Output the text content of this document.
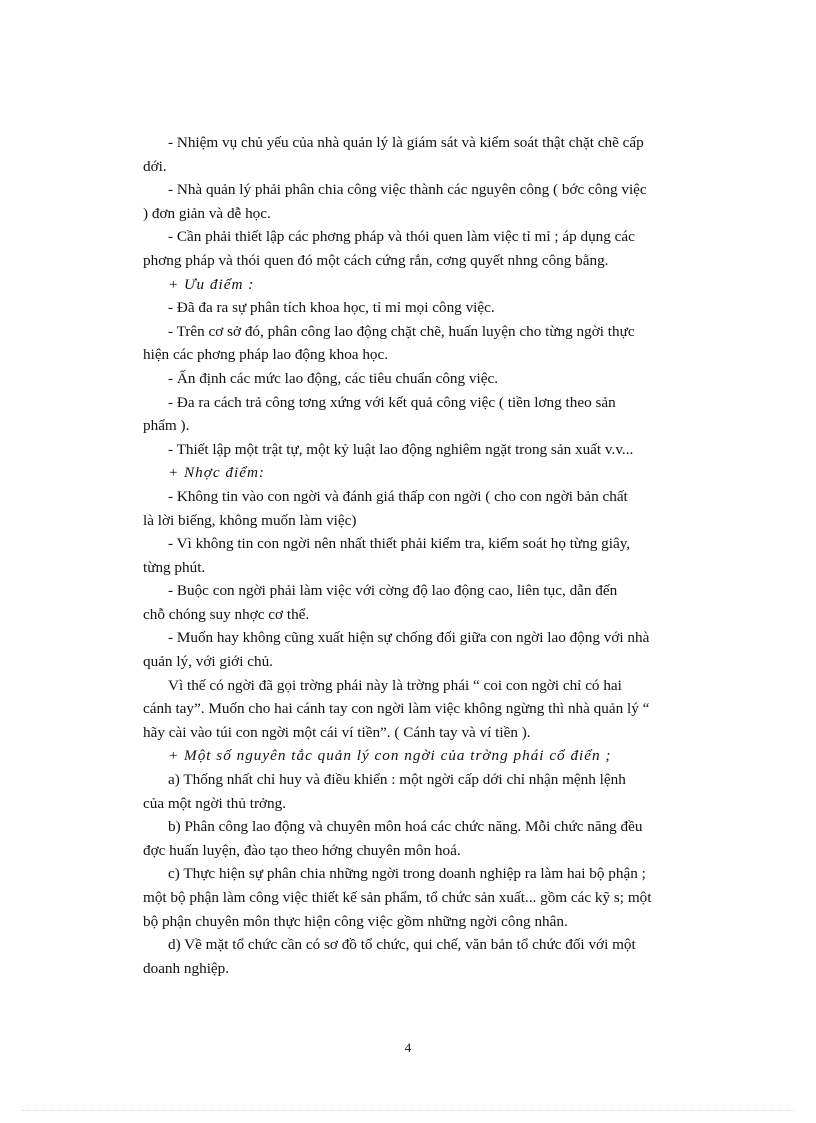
- Nhiệm vụ chủ yếu của nhà quản lý là giám sát và kiểm soát thật chặt chẽ cấp
dới.
- Nhà quản lý phải phân chia công việc thành các nguyên công ( bớc công việc
) đơn giản và dễ học.
- Cần phải thiết lập các phơng pháp và thói quen làm việc tỉ mỉ ; áp dụng các
phơng pháp và thói quen đó một cách cứng rắn, cơng quyết nhng công bằng.
+ Ưu điểm :
- Đã đa ra sự phân tích khoa học, tỉ mỉ mọi công việc.
- Trên cơ sở đó, phân công lao động chặt chẽ, huấn luyện cho từng ngời thực
hiện các phơng pháp lao động khoa học.
- Ấn định các mức lao động, các tiêu chuẩn công việc.
- Đa ra cách trả công tơng xứng với kết quả công việc ( tiền lơng theo sản
phẩm ).
- Thiết lập một trật tự, một kỷ luật lao động nghiêm ngặt trong sản xuất v.v...
+ Nhợc điểm:
- Không tin vào con ngời và đánh giá thấp con ngời ( cho con ngời bản chất
là lời biếng, không muốn làm việc)
- Vì không tin con ngời nên nhất thiết phải kiểm tra, kiểm soát họ từng giây,
từng phút.
- Buộc con ngời phải làm việc với cờng độ lao động cao, liên tục, dẫn đến
chỗ chóng suy nhợc cơ thể.
- Muốn hay không cũng xuất hiện sự chống đối giữa con ngời lao động với nhà
quản lý, với giới chủ.
Vì thế có ngời đã gọi trờng phái này là trờng phái “ coi con ngời chỉ có hai
cánh tay”. Muốn cho hai cánh tay con ngời làm việc không ngừng thì nhà quản lý “
hãy cài vào túi con ngời một cái ví tiền”. ( Cánh tay và ví tiền ).
+ Một số nguyên tắc quản lý con ngời của trờng phái cổ điển ;
a) Thống nhất chỉ huy và điều khiển : một ngời cấp dới chỉ nhận mệnh lệnh
của một ngời thủ trởng.
b) Phân công lao động và chuyên môn hoá các chức năng. Mỗi chức năng đều
đợc huấn luyện, đào tạo theo hớng chuyên môn hoá.
c) Thực hiện sự phân chia những ngời trong doanh nghiệp ra làm hai bộ phận ;
một bộ phận làm công việc thiết kế sản phẩm, tổ chức sản xuất... gồm các kỹ s; một
bộ phận chuyên môn thực hiện công việc gồm những ngời công nhân.
d) Về mặt tổ chức cần có sơ đồ tổ chức, qui chế, văn bản tổ chức đối với một
doanh nghiệp.
4
